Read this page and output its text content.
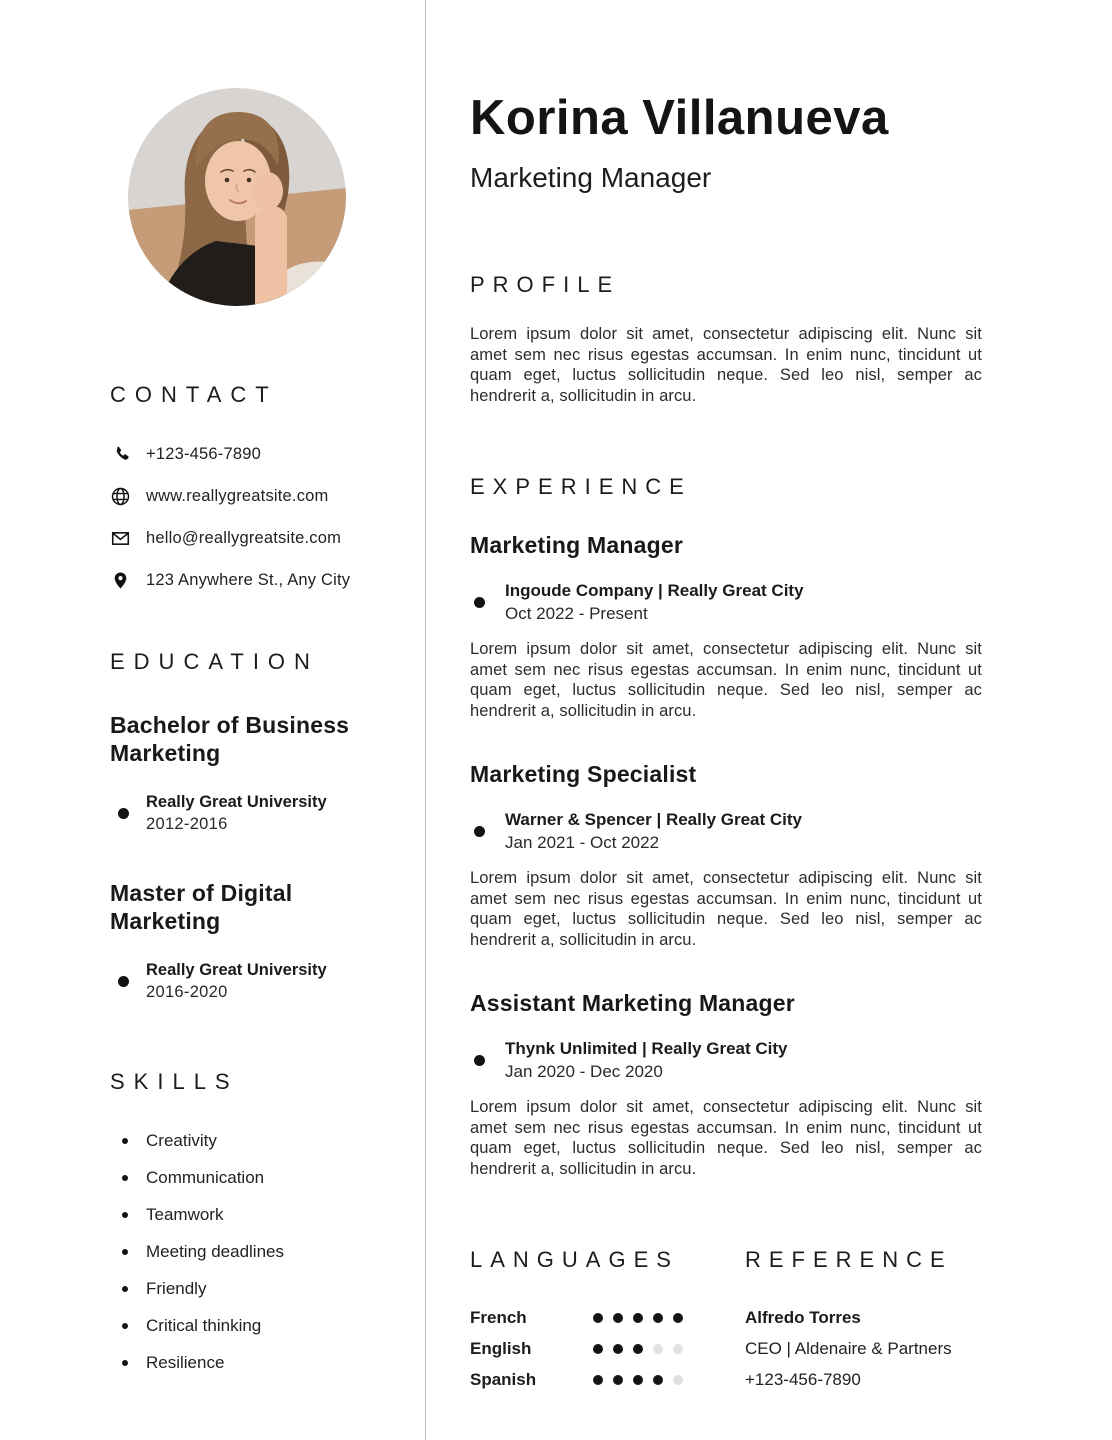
CONTACT
+123-456-7890
www.reallygreatsite.com
hello@reallygreatsite.com
123 Anywhere St., Any City
EDUCATION
Bachelor of Business Marketing
Really Great University
2012-2016
Master of Digital Marketing
Really Great University
2016-2020
SKILLS
Creativity
Communication
Teamwork
Meeting deadlines
Friendly
Critical thinking
Resilience
Korina Villanueva
Marketing Manager
PROFILE

Lorem ipsum dolor sit amet, consectetur adipiscing elit. Nunc sit amet sem nec risus egestas accumsan. In enim nunc, tincidunt ut quam eget, luctus sollicitudin neque. Sed leo nisl, semper ac hendrerit a, sollicitudin in arcu.

EXPERIENCE
Marketing Manager
Ingoude Company | Really Great City
Oct 2022 - Present

Lorem ipsum dolor sit amet, consectetur adipiscing elit. Nunc sit amet sem nec risus egestas accumsan. In enim nunc, tincidunt ut quam eget, luctus sollicitudin neque. Sed leo nisl, semper ac hendrerit a, sollicitudin in arcu.

Marketing Specialist
Warner & Spencer | Really Great City
Jan 2021 - Oct 2022

Lorem ipsum dolor sit amet, consectetur adipiscing elit. Nunc sit amet sem nec risus egestas accumsan. In enim nunc, tincidunt ut quam eget, luctus sollicitudin neque. Sed leo nisl, semper ac hendrerit a, sollicitudin in arcu.

Assistant Marketing Manager
Thynk Unlimited | Really Great City
Jan 2020 - Dec 2020

Lorem ipsum dolor sit amet, consectetur adipiscing elit. Nunc sit amet sem nec risus egestas accumsan. In enim nunc, tincidunt ut quam eget, luctus sollicitudin neque. Sed leo nisl, semper ac hendrerit a, sollicitudin in arcu.

LANGUAGES
French
English
Spanish
REFERENCE
Alfredo Torres
CEO | Aldenaire & Partners
+123-456-7890
